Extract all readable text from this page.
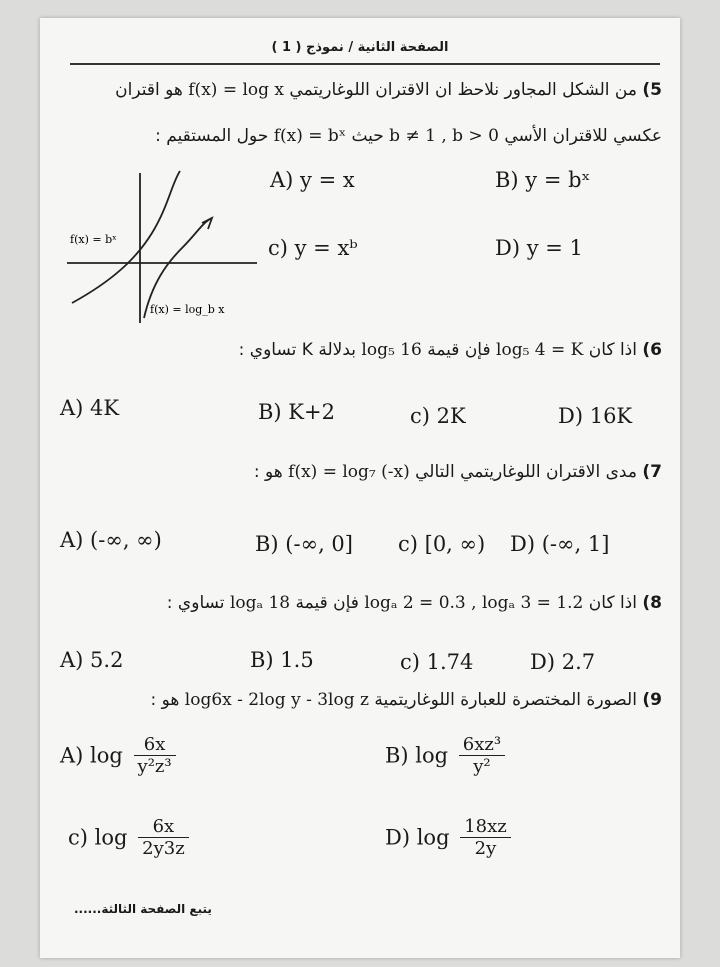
الصفحة الثانية / نموذج ( 1 )
5) من الشكل المجاور نلاحظ ان الاقتران اللوغاريتمي f(x) = log x هو اقتران
عكسي للاقتران الأسي f(x) = bˣ حيث b ≠ 1 , b > 0 حول المستقيم :
f(x) = bˣ
f(x) = log_b x
A) y = x	B) y = bˣ
c) y = xᵇ	D) y = 1
6) اذا كان log₅ 4 = K فإن قيمة log₅ 16 بدلالة K تساوي :
A) 4K	B) K+2	c) 2K	D) 16K
7) مدى الاقتران اللوغاريتمي التالي f(x) = log₇ (-x) هو :
A) (-∞, ∞)	B) (-∞, 0] c) [0, ∞) D) (-∞, 1]
8) اذا كان logₐ 2 = 0.3 , logₐ 3 = 1.2 فإن قيمة logₐ 18 تساوي :
A) 5.2	B) 1.5	c) 1.74	D) 2.7
9) الصورة المختصرة للعبارة اللوغاريتمية log6x - 2log y - 3log z هو :
A) $\log \frac{6x}{\text{y²z³}}$	B) $\log \frac{\text{6xz³}}{\text{y²}}$
c) $\log \frac{6x}{2y3z}$	D) $\log \frac{18xz}{2y}$
يتبع الصفحة الثالثة......
